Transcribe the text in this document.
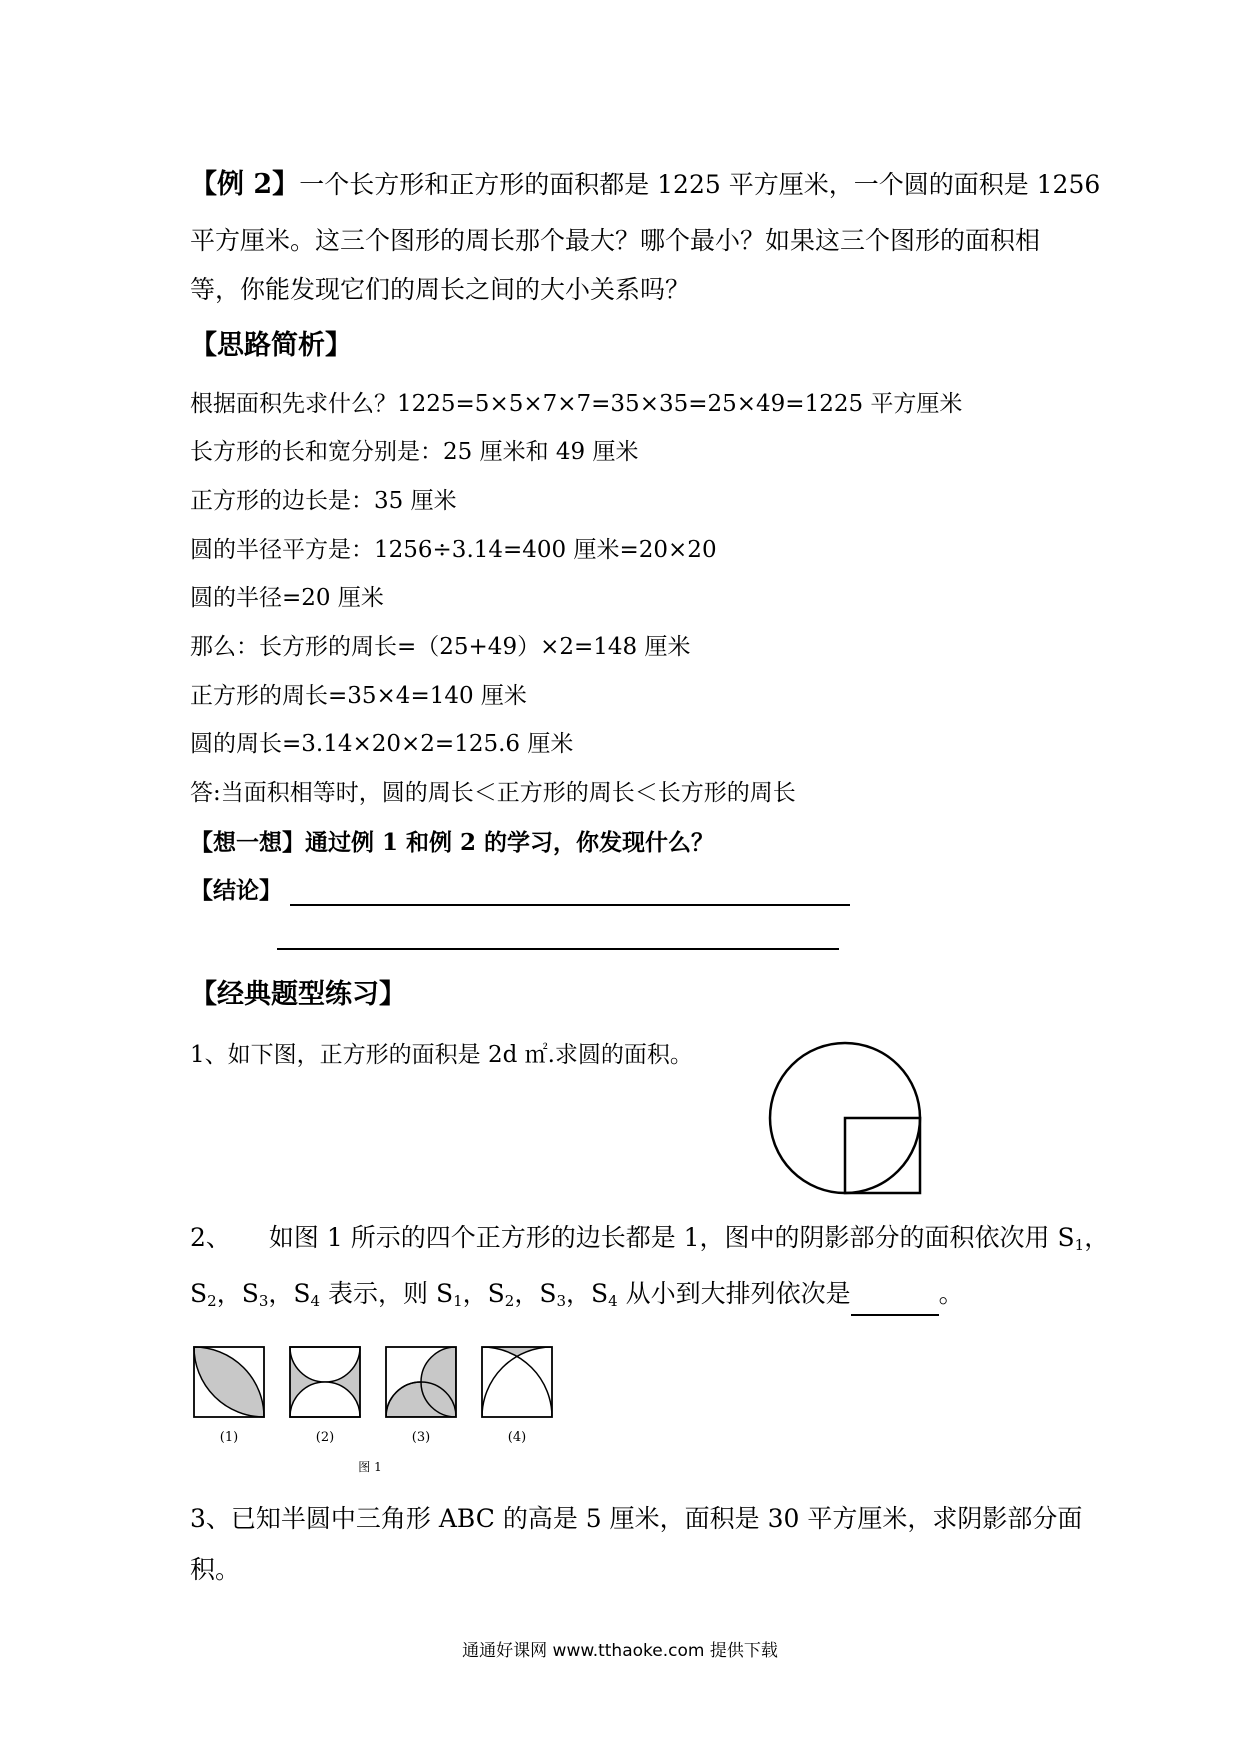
【例 2】一个长方形和正方形的面积都是 1225 平方厘米，一个圆的面积是 1256
平方厘米。这三个图形的周长那个最大？哪个最小？如果这三个图形的面积相
等，你能发现它们的周长之间的大小关系吗？
【思路简析】
根据面积先求什么？1225=5×5×7×7=35×35=25×49=1225 平方厘米
长方形的长和宽分别是：25 厘米和 49 厘米
正方形的边长是：35 厘米
圆的半径平方是：1256÷3.14=400 厘米=20×20
圆的半径=20 厘米
那么：长方形的周长=（25+49）×2=148 厘米
正方形的周长=35×4=140 厘米
圆的周长=3.14×20×2=125.6 厘米
答:当面积相等时，圆的周长＜正方形的周长＜长方形的周长
【想一想】通过例 1 和例 2 的学习，你发现什么？
【结论】
【经典题型练习】
1、如下图，正方形的面积是 2d ㎡.求圆的面积。
2、 如图 1 所示的四个正方形的边长都是 1，图中的阴影部分的面积依次用 $S_1$，
$S_2$，$S_3$，$S_4$ 表示，则 $S_1$，$S_2$，$S_3$，$S_4$ 从小到大排列依次是	。
(1)	(2)	(3)	(4)
图 1
3、已知半圆中三角形 ABC 的高是 5 厘米，面积是 30 平方厘米，求阴影部分面
积。
通通好课网 www.tthaoke.com 提供下载
